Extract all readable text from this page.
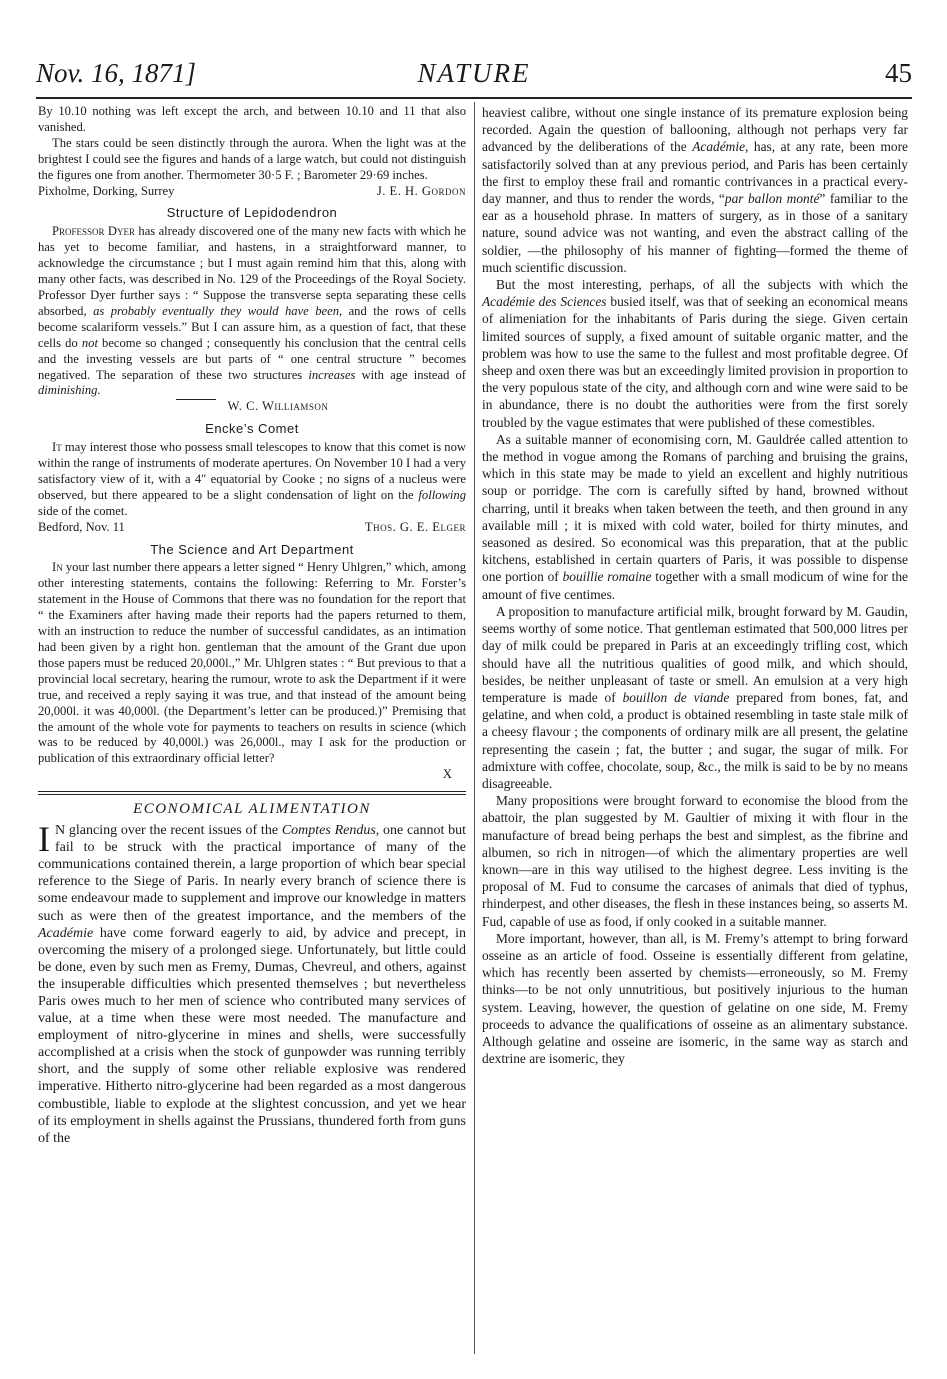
Nov. 16, 1871]	NATURE	45

By 10.10 nothing was left except the arch, and between 10.10 and 11 that also vanished.

The stars could be seen distinctly through the aurora. When the light was at the brightest I could see the figures and hands of a large watch, but could not distinguish the figures one from another. Thermometer 30·5 F. ; Barometer 29·69 inches.

Pixholme, Dorking, Surrey	J. E. H. Gordon
Structure of Lepidodendron

Professor Dyer has already discovered one of the many new facts with which he has yet to become familiar, and hastens, in a straightforward manner, to acknowledge the circumstance ; but I must again remind him that this, along with many other facts, was described in No. 129 of the Proceedings of the Royal Society. Professor Dyer further says : “ Suppose the transverse septa separating these cells absorbed, as probably eventually they would have been, and the rows of cells become scalariform vessels.” But I can assure him, as a question of fact, that these cells do not become so changed ; consequently his conclusion that the central cells and the investing vessels are but parts of “ one central structure ” becomes negatived. The separation of these two structures increases with age instead of diminishing.

W. C. Williamson
Encke’s Comet

It may interest those who possess small telescopes to know that this comet is now within the range of instruments of moderate apertures. On November 10 I had a very satisfactory view of it, with a 4″ equatorial by Cooke ; no signs of a nucleus were observed, but there appeared to be a slight condensation of light on the following side of the comet.

Bedford, Nov. 11	Thos. G. E. Elger
The Science and Art Department

In your last number there appears a letter signed “ Henry Uhlgren,” which, among other interesting statements, contains the following: Referring to Mr. Forster’s statement in the House of Commons that there was no foundation for the report that “ the Examiners after having made their reports had the papers returned to them, with an instruction to reduce the number of successful candidates, as an intimation had been given by a right hon. gentleman that the amount of the Grant due upon those papers must be reduced 20,000l.,” Mr. Uhlgren states : “ But previous to that a provincial local secretary, hearing the rumour, wrote to ask the Department if it were true, and received a reply saying it was true, and that instead of the amount being 20,000l. it was 40,000l. (the Department’s letter can be produced.)” Premising that the amount of the whole vote for payments to teachers on results in science (which was to be reduced by 40,000l.) was 26,000l., may I ask for the production or publication of this extraordinary official letter?

X

ECONOMICAL ALIMENTATION

I N glancing over the recent issues of the Comptes Rendus, one cannot but fail to be struck with the practical importance of many of the communications contained therein, a large proportion of which bear special reference to the Siege of Paris. In nearly every branch of science there is some endeavour made to supplement and improve our knowledge in matters such as were then of the greatest importance, and the members of the Académie have come forward eagerly to aid, by advice and precept, in overcoming the misery of a prolonged siege. Unfortunately, but little could be done, even by such men as Fremy, Dumas, Chevreul, and others, against the insuperable difficulties which presented themselves ; but nevertheless Paris owes much to her men of science who contributed many services of value, at a time when these were most needed. The manufacture and employment of nitro-glycerine in mines and shells, were successfully accomplished at a crisis when the stock of gunpowder was running terribly short, and the supply of some other reliable explosive was rendered imperative. Hitherto nitro-glycerine had been regarded as a most dangerous combustible, liable to explode at the slightest concussion, and yet we hear of its employment in shells against the Prussians, thundered forth from guns of the

heaviest calibre, without one single instance of its premature explosion being recorded. Again the question of ballooning, although not perhaps very far advanced by the deliberations of the Académie, has, at any rate, been more satisfactorily solved than at any previous period, and Paris has been certainly the first to employ these frail and romantic contrivances in a practical every-day manner, and thus to render the words, “par ballon monté” familiar to the ear as a household phrase. In matters of surgery, as in those of a sanitary nature, sound advice was not wanting, and even the abstract calling of the soldier, —the philosophy of his manner of fighting—formed the theme of much scientific discussion.

But the most interesting, perhaps, of all the subjects with which the Académie des Sciences busied itself, was that of seeking an economical means of alimeniation for the inhabitants of Paris during the siege. Given certain limited sources of supply, a fixed amount of suitable organic matter, and the problem was how to use the same to the fullest and most profitable degree. Of sheep and oxen there was but an exceedingly limited provision in proportion to the very populous state of the city, and although corn and wine were said to be in abundance, there is no doubt the authorities were from the first sorely troubled by the vague estimates that were published of these comestibles.

As a suitable manner of economising corn, M. Gauldrée called attention to the method in vogue among the Romans of parching and bruising the grains, which in this state may be made to yield an excellent and highly nutritious soup or porridge. The corn is carefully sifted by hand, browned without charring, until it breaks when taken between the teeth, and then ground in any available mill ; it is mixed with cold water, boiled for thirty minutes, and seasoned as desired. So economical was this preparation, that at the public kitchens, established in certain quarters of Paris, it was possible to dispense one portion of bouillie romaine together with a small modicum of wine for the amount of five centimes.

A proposition to manufacture artificial milk, brought forward by M. Gaudin, seems worthy of some notice. That gentleman estimated that 500,000 litres per day of milk could be prepared in Paris at an exceedingly trifling cost, which should have all the nutritious qualities of good milk, and which should, besides, be neither unpleasant of taste or smell. An emulsion at a very high temperature is made of bouillon de viande prepared from bones, fat, and gelatine, and when cold, a product is obtained resembling in taste stale milk of a cheesy flavour ; the components of ordinary milk are all present, the gelatine representing the casein ; fat, the butter ; and sugar, the sugar of milk. For admixture with coffee, chocolate, soup, &c., the milk is said to be by no means disagreeable.

Many propositions were brought forward to economise the blood from the abattoir, the plan suggested by M. Gaultier of mixing it with flour in the manufacture of bread being perhaps the best and simplest, as the fibrine and albumen, so rich in nitrogen—of which the alimentary properties are well known—are in this way utilised to the highest degree. Less inviting is the proposal of M. Fud to consume the carcases of animals that died of typhus, rhinderpest, and other diseases, the flesh in these instances being, so asserts M. Fud, capable of use as food, if only cooked in a suitable manner.

More important, however, than all, is M. Fremy’s attempt to bring forward osseine as an article of food. Osseine is essentially different from gelatine, which has recently been asserted by chemists—erroneously, so M. Fremy thinks—to be not only unnutritious, but positively injurious to the human system. Leaving, however, the question of gelatine on one side, M. Fremy proceeds to advance the qualifications of osseine as an alimentary substance. Although gelatine and osseine are isomeric, in the same way as starch and dextrine are isomeric, they
